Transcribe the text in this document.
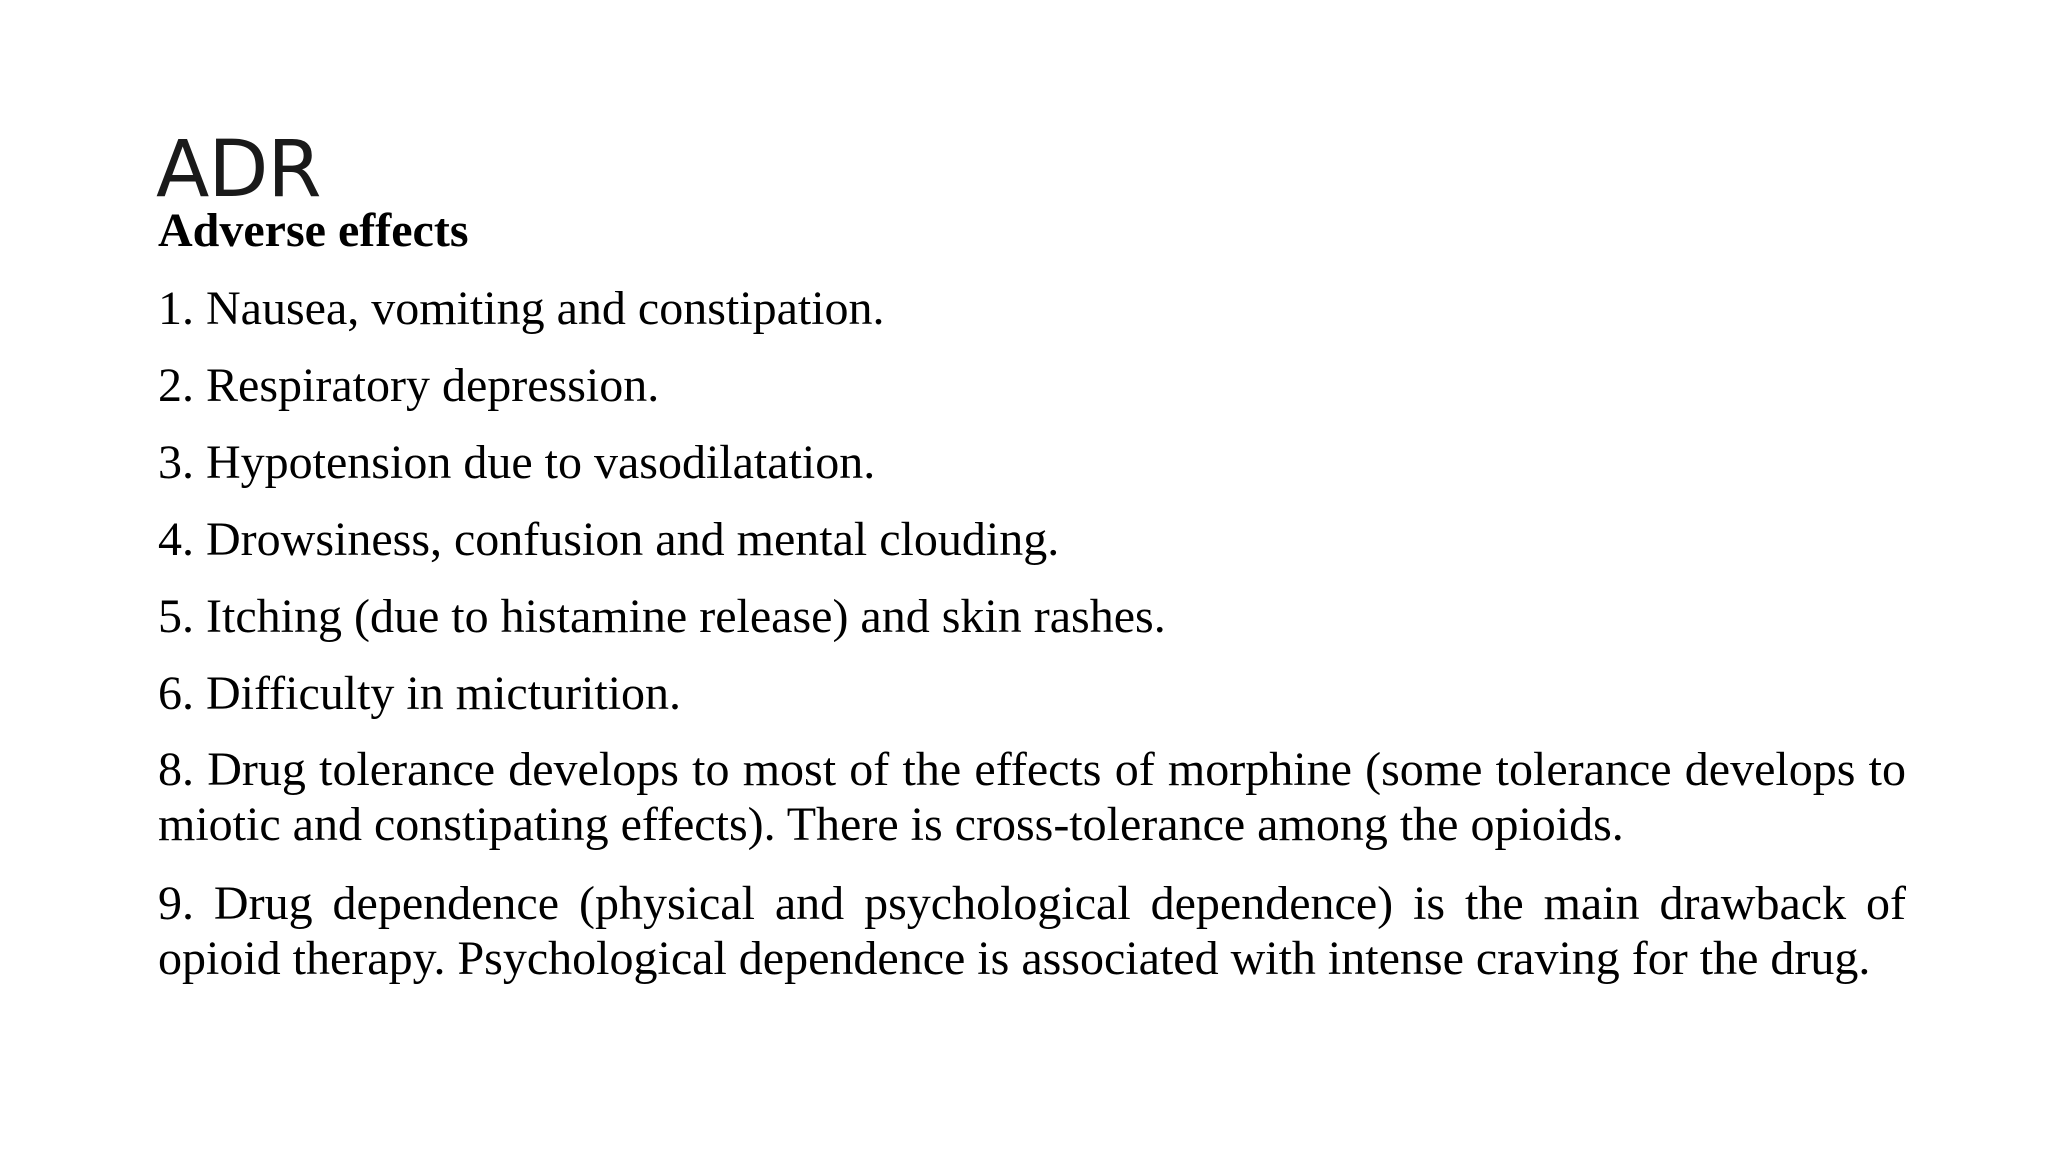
ADR

Adverse effects

1. Nausea, vomiting and constipation.

2. Respiratory depression.

3. Hypotension due to vasodilatation.

4. Drowsiness, confusion and mental clouding.

5. Itching (due to histamine release) and skin rashes.

6. Difficulty in micturition.

8. Drug tolerance develops to most of the effects of morphine (some tolerance develops to miotic and constipating effects). There is cross-tolerance among the opioids.

9. Drug dependence (physical and psychological dependence) is the main drawback of opioid therapy. Psychological dependence is associated with intense craving for the drug.
